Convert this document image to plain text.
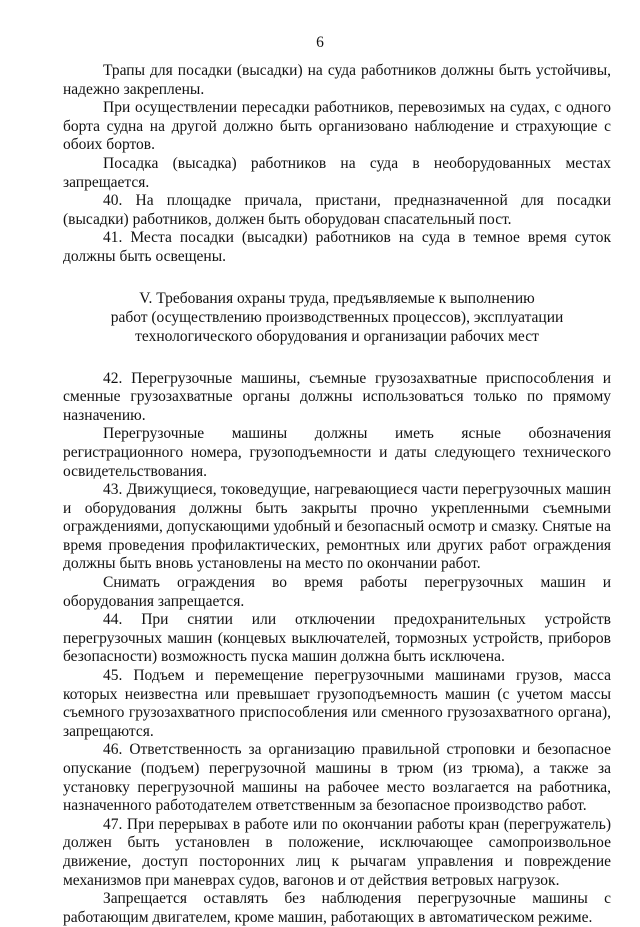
6

Трапы для посадки (высадки) на суда работников должны быть устойчивы, надежно закреплены.

При осуществлении пересадки работников, перевозимых на судах, с одного борта судна на другой должно быть организовано наблюдение и страхующие с обоих бортов.

Посадка (высадка) работников на суда в необорудованных местах запрещается.

40. На площадке причала, пристани, предназначенной для посадки (высадки) работников, должен быть оборудован спасательный пост.

41. Места посадки (высадки) работников на суда в темное время суток должны быть освещены.

V. Требования охраны труда, предъявляемые к выполнению
работ (осуществлению производственных процессов), эксплуатации
технологического оборудования и организации рабочих мест

42. Перегрузочные машины, съемные грузозахватные приспособления и сменные грузозахватные органы должны использоваться только по прямому назначению.

Перегрузочные машины должны иметь ясные обозначения регистрационного номера, грузоподъемности и даты следующего технического освидетельствования.

43. Движущиеся, токоведущие, нагревающиеся части перегрузочных машин и оборудования должны быть закрыты прочно укрепленными съемными ограждениями, допускающими удобный и безопасный осмотр и смазку. Снятые на время проведения профилактических, ремонтных или других работ ограждения должны быть вновь установлены на место по окончании работ.

Снимать ограждения во время работы перегрузочных машин и оборудования запрещается.

44. При снятии или отключении предохранительных устройств перегрузочных машин (концевых выключателей, тормозных устройств, приборов безопасности) возможность пуска машин должна быть исключена.

45. Подъем и перемещение перегрузочными машинами грузов, масса которых неизвестна или превышает грузоподъемность машин (с учетом массы съемного грузозахватного приспособления или сменного грузозахватного органа), запрещаются.

46. Ответственность за организацию правильной строповки и безопасное опускание (подъем) перегрузочной машины в трюм (из трюма), а также за установку перегрузочной машины на рабочее место возлагается на работника, назначенного работодателем ответственным за безопасное производство работ.

47. При перерывах в работе или по окончании работы кран (перегружатель) должен быть установлен в положение, исключающее самопроизвольное движение, доступ посторонних лиц к рычагам управления и повреждение механизмов при маневрах судов, вагонов и от действия ветровых нагрузок.

Запрещается оставлять без наблюдения перегрузочные машины с работающим двигателем, кроме машин, работающих в автоматическом режиме.
